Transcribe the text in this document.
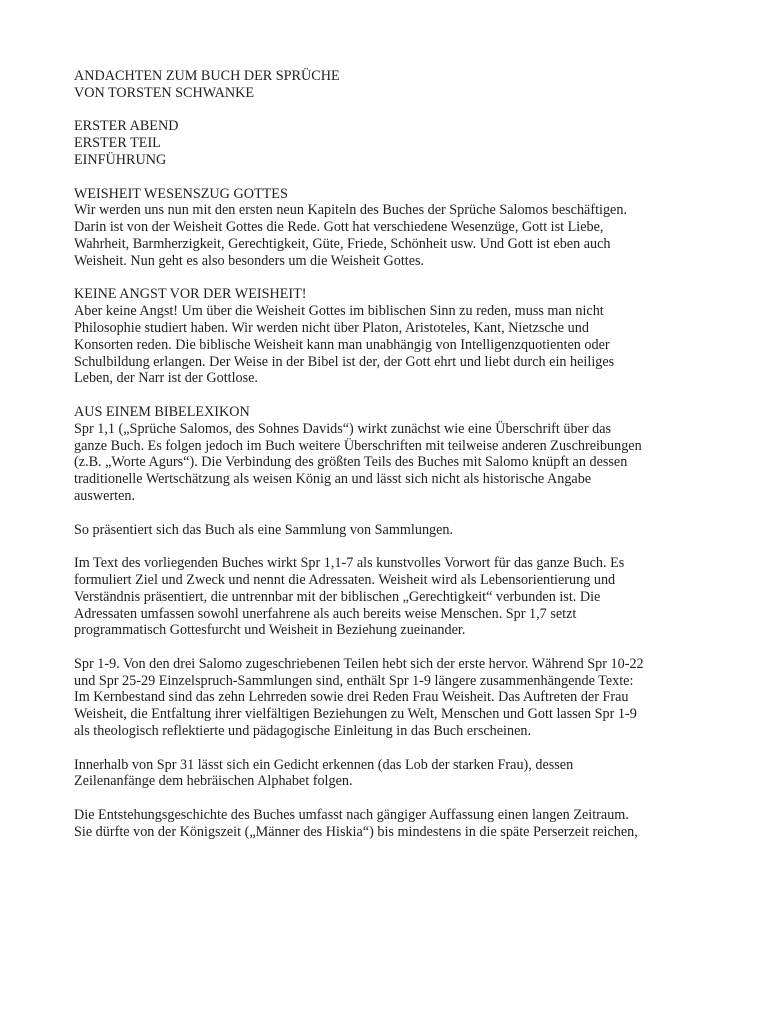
ANDACHTEN ZUM BUCH DER SPRÜCHE

VON TORSTEN SCHWANKE

ERSTER ABEND

ERSTER TEIL

EINFÜHRUNG

WEISHEIT WESENSZUG GOTTES

Wir werden uns nun mit den ersten neun Kapiteln des Buches der Sprüche Salomos beschäftigen.

Darin ist von der Weisheit Gottes die Rede. Gott hat verschiedene Wesenzüge, Gott ist Liebe,

Wahrheit, Barmherzigkeit, Gerechtigkeit, Güte, Friede, Schönheit usw. Und Gott ist eben auch

Weisheit. Nun geht es also besonders um die Weisheit Gottes.

KEINE ANGST VOR DER WEISHEIT!

Aber keine Angst! Um über die Weisheit Gottes im biblischen Sinn zu reden, muss man nicht

Philosophie studiert haben. Wir werden nicht über Platon, Aristoteles, Kant, Nietzsche und

Konsorten reden. Die biblische Weisheit kann man unabhängig von Intelligenzquotienten oder

Schulbildung erlangen. Der Weise in der Bibel ist der, der Gott ehrt und liebt durch ein heiliges

Leben, der Narr ist der Gottlose.

AUS EINEM BIBELEXIKON

Spr 1,1 („Sprüche Salomos, des Sohnes Davids“) wirkt zunächst wie eine Überschrift über das

ganze Buch. Es folgen jedoch im Buch weitere Überschriften mit teilweise anderen Zuschreibungen

(z.B. „Worte Agurs“). Die Verbindung des größten Teils des Buches mit Salomo knüpft an dessen

traditionelle Wertschätzung als weisen König an und lässt sich nicht als historische Angabe

auswerten.

So präsentiert sich das Buch als eine Sammlung von Sammlungen.

Im Text des vorliegenden Buches wirkt Spr 1,1-7 als kunstvolles Vorwort für das ganze Buch. Es

formuliert Ziel und Zweck und nennt die Adressaten. Weisheit wird als Lebensorientierung und

Verständnis präsentiert, die untrennbar mit der biblischen „Gerechtigkeit“ verbunden ist. Die

Adressaten umfassen sowohl unerfahrene als auch bereits weise Menschen. Spr 1,7 setzt

programmatisch Gottesfurcht und Weisheit in Beziehung zueinander.

Spr 1-9. Von den drei Salomo zugeschriebenen Teilen hebt sich der erste hervor. Während Spr 10-22

und Spr 25-29 Einzelspruch-Sammlungen sind, enthält Spr 1-9 längere zusammenhängende Texte:

Im Kernbestand sind das zehn Lehrreden sowie drei Reden Frau Weisheit. Das Auftreten der Frau

Weisheit, die Entfaltung ihrer vielfältigen Beziehungen zu Welt, Menschen und Gott lassen Spr 1-9

als theologisch reflektierte und pädagogische Einleitung in das Buch erscheinen.

Innerhalb von Spr 31 lässt sich ein Gedicht erkennen (das Lob der starken Frau), dessen

Zeilenanfänge dem hebräischen Alphabet folgen.

Die Entstehungsgeschichte des Buches umfasst nach gängiger Auffassung einen langen Zeitraum.

Sie dürfte von der Königszeit („Männer des Hiskia“) bis mindestens in die späte Perserzeit reichen,
